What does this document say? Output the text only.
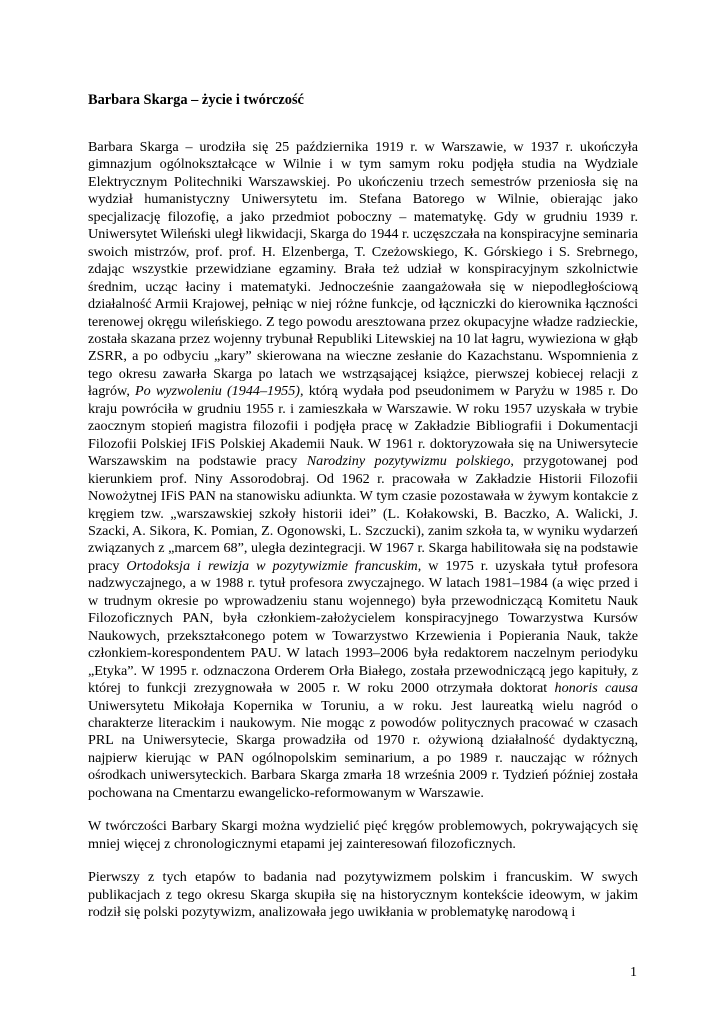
Barbara Skarga – życie i twórczość

Barbara Skarga – urodziła się 25 października 1919 r. w Warszawie, w 1937 r. ukończyła gimnazjum ogólnokształcące w Wilnie i w tym samym roku podjęła studia na Wydziale Elektrycznym Politechniki Warszawskiej. Po ukończeniu trzech semestrów przeniosła się na wydział humanistyczny Uniwersytetu im. Stefana Batorego w Wilnie, obierając jako specjalizację filozofię, a jako przedmiot poboczny – matematykę. Gdy w grudniu 1939 r. Uniwersytet Wileński uległ likwidacji, Skarga do 1944 r. uczęszczała na konspiracyjne seminaria swoich mistrzów, prof. prof. H. Elzenberga, T. Czeżowskiego, K. Górskiego i S. Srebrnego, zdając wszystkie przewidziane egzaminy. Brała też udział w konspiracyjnym szkolnictwie średnim, ucząc łaciny i matematyki. Jednocześnie zaangażowała się w niepodległościową działalność Armii Krajowej, pełniąc w niej różne funkcje, od łączniczki do kierownika łączności terenowej okręgu wileńskiego. Z tego powodu aresztowana przez okupacyjne władze radzieckie, została skazana przez wojenny trybunał Republiki Litewskiej na 10 lat łagru, wywieziona w głąb ZSRR, a po odbyciu „kary” skierowana na wieczne zesłanie do Kazachstanu. Wspomnienia z tego okresu zawarła Skarga po latach we wstrząsającej książce, pierwszej kobiecej relacji z łagrów, Po wyzwoleniu (1944–1955), którą wydała pod pseudonimem w Paryżu w 1985 r. Do kraju powróciła w grudniu 1955 r. i zamieszkała w Warszawie. W roku 1957 uzyskała w trybie zaocznym stopień magistra filozofii i podjęła pracę w Zakładzie Bibliografii i Dokumentacji Filozofii Polskiej IFiS Polskiej Akademii Nauk. W 1961 r. doktoryzowała się na Uniwersytecie Warszawskim na podstawie pracy Narodziny pozytywizmu polskiego, przygotowanej pod kierunkiem prof. Niny Assorodobraj. Od 1962 r. pracowała w Zakładzie Historii Filozofii Nowożytnej IFiS PAN na stanowisku adiunkta. W tym czasie pozostawała w żywym kontakcie z kręgiem tzw. „warszawskiej szkoły historii idei” (L. Kołakowski, B. Baczko, A. Walicki, J. Szacki, A. Sikora, K. Pomian, Z. Ogonowski, L. Szczucki), zanim szkoła ta, w wyniku wydarzeń związanych z „marcem 68”, uległa dezintegracji. W 1967 r. Skarga habilitowała się na podstawie pracy Ortodoksja i rewizja w pozytywizmie francuskim, w 1975 r. uzyskała tytuł profesora nadzwyczajnego, a w 1988 r. tytuł profesora zwyczajnego. W latach 1981–1984 (a więc przed i w trudnym okresie po wprowadzeniu stanu wojennego) była przewodniczącą Komitetu Nauk Filozoficznych PAN, była członkiem-założycielem konspiracyjnego Towarzystwa Kursów Naukowych, przekształconego potem w Towarzystwo Krzewienia i Popierania Nauk, także członkiem-korespondentem PAU. W latach 1993–2006 była redaktorem naczelnym periodyku „Etyka”. W 1995 r. odznaczona Orderem Orła Białego, została przewodniczącą jego kapituły, z której to funkcji zrezygnowała w 2005 r. W roku 2000 otrzymała doktorat honoris causa Uniwersytetu Mikołaja Kopernika w Toruniu, a w roku. Jest laureatką wielu nagród o charakterze literackim i naukowym. Nie mogąc z powodów politycznych pracować w czasach PRL na Uniwersytecie, Skarga prowadziła od 1970 r. ożywioną działalność dydaktyczną, najpierw kierując w PAN ogólnopolskim seminarium, a po 1989 r. nauczając w różnych ośrodkach uniwersyteckich. Barbara Skarga zmarła 18 września 2009 r. Tydzień później została pochowana na Cmentarzu ewangelicko-reformowanym w Warszawie.

W twórczości Barbary Skargi można wydzielić pięć kręgów problemowych, pokrywających się mniej więcej z chronologicznymi etapami jej zainteresowań filozoficznych.

Pierwszy z tych etapów to badania nad pozytywizmem polskim i francuskim. W swych publikacjach z tego okresu Skarga skupiła się na historycznym kontekście ideowym, w jakim rodził się polski pozytywizm, analizowała jego uwikłania w problematykę narodową i

1
